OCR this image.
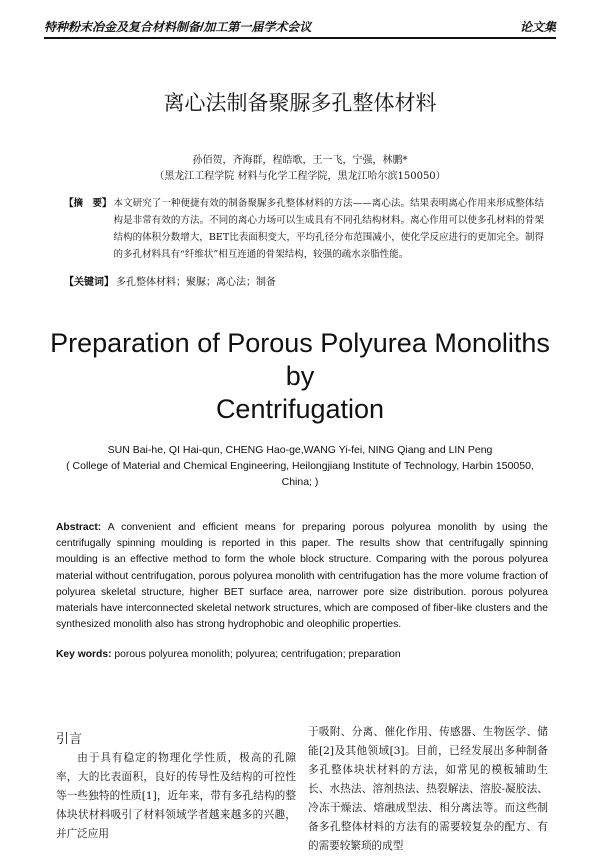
特种粉末冶金及复合材料制备/加工第一届学术会议	论文集
离心法制备聚脲多孔整体材料
孙佰贺，齐海群，程皓歌，王一飞，宁强，林鹏*
（黑龙江工程学院 材料与化学工程学院，黑龙江哈尔滨150050）
【摘　要】 本文研究了一种便捷有效的制备聚脲多孔整体材料的方法——离心法。结果表明离心作用来形成整体结构是非常有效的方法。不同的离心力场可以生成具有不同孔结构材料。离心作用可以使多孔材料的骨架结构的体积分数增大，BET比表面积变大，平均孔径分布范围减小，使化学反应进行的更加完全。制得的多孔材料具有“纤维状”相互连通的骨架结构，较强的疏水亲脂性能。
【关键词】 多孔整体材料；聚脲；离心法；制备
Preparation of Porous Polyurea Monoliths by
Centrifugation
SUN Bai-he, QI Hai-qun, CHENG Hao-ge,WANG Yi-fei, NING Qiang and LIN Peng
( College of Material and Chemical Engineering, Heilongjiang Institute of Technology, Harbin 150050,
China; )
Abstract: A convenient and efficient means for preparing porous polyurea monolith by using the centrifugally spinning moulding is reported in this paper. The results show that centrifugally spinning moulding is an effective method to form the whole block structure. Comparing with the porous polyurea material without centrifugation, porous polyurea monolith with centrifugation has the more volume fraction of polyurea skeletal structure, higher BET surface area, narrower pore size distribution. porous polyurea materials have interconnected skeletal network structures, which are composed of fiber-like clusters and the synthesized monolith also has strong hydrophobic and oleophilic properties.
Key words: porous polyurea monolith; polyurea; centrifugation; preparation
引言
由于具有稳定的物理化学性质，极高的孔隙率，大的比表面积，良好的传导性及结构的可控性等一些独特的性质[1]，近年来，带有多孔结构的整体块状材料吸引了材料领域学者越来越多的兴趣，并广泛应用
于吸附、分离、催化作用、传感器、生物医学、储能[2]及其他领域[3]。目前，已经发展出多种制备多孔整体块状材料的方法，如常见的模板辅助生长、水热法、溶剂热法、热裂解法、溶胶-凝胶法、冷冻干燥法、熔融成型法、相分离法等。而这些制备多孔整体材料的方法有的需要较复杂的配方、有的需要较繁琐的成型
